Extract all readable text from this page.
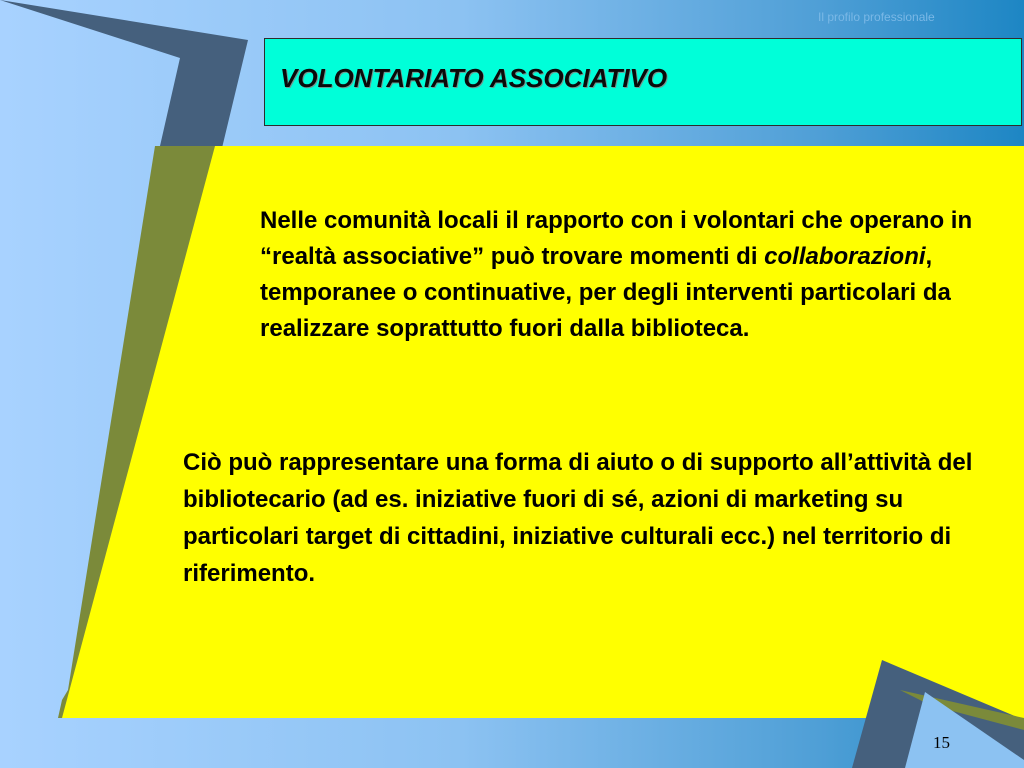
Il profilo professionale
VOLONTARIATO ASSOCIATIVO
Nelle comunità locali il rapporto con i volontari che operano in “realtà associative” può trovare momenti di collaborazioni, temporanee o continuative, per degli interventi particolari da realizzare soprattutto fuori dalla biblioteca.
Ciò può rappresentare una forma di aiuto o di supporto all’attività del bibliotecario (ad es. iniziative fuori di sé, azioni di marketing su particolari target di cittadini, iniziative culturali ecc.) nel territorio di riferimento.
15
